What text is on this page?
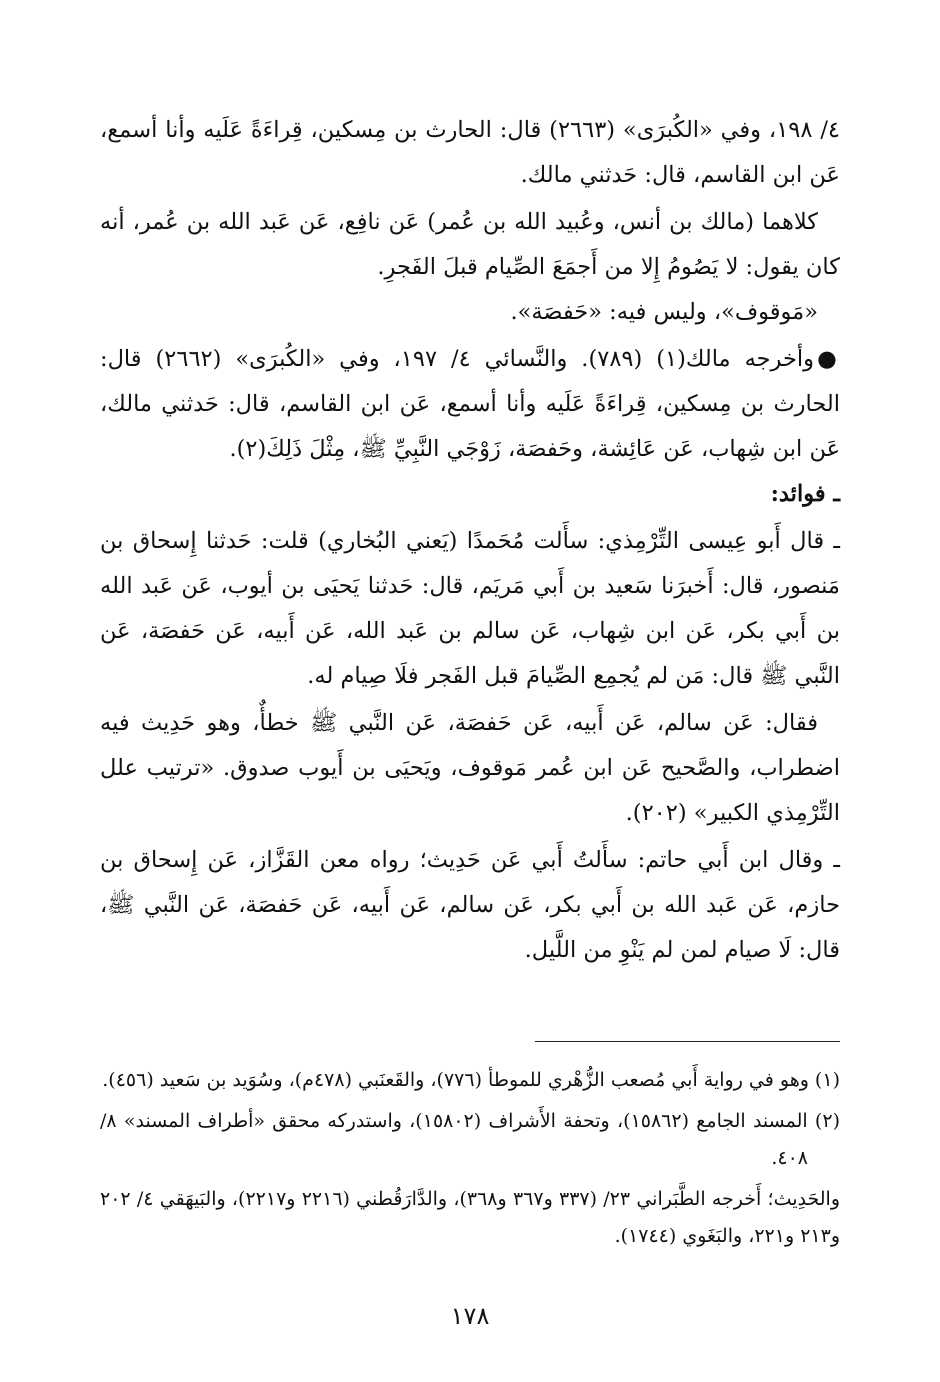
٤/ ١٩٨، وفي «الكُبرَى» (٢٦٦٣) قال: الحارث بن مِسكين، قِراءَةً عَلَيه وأنا أسمع، عَن ابن القاسم، قال: حَدثني مالك.

كلاهما (مالك بن أنس، وعُبيد الله بن عُمر) عَن نافِع، عَن عَبد الله بن عُمر، أنه كان يقول: لا يَصُومُ إِلا من أَجمَعَ الصِّيام قبلَ الفَجرِ.

«مَوقوف»، وليس فيه: «حَفصَة».

●وأخرجه مالك(١) (٧٨٩). والنَّسائي ٤/ ١٩٧، وفي «الكُبرَى» (٢٦٦٢) قال: الحارث بن مِسكين، قِراءَةً عَلَيه وأنا أسمع، عَن ابن القاسم، قال: حَدثني مالك، عَن ابن شِهاب، عَن عَائِشة، وحَفصَة، زَوْجَي النَّبِيِّ ﷺ، مِثْلَ ذَلِكَ(٢).

ـ فوائد:

ـ قال أَبو عِيسى التِّرْمِذي: سأَلت مُحَمدًا (يَعني البُخاري) قلت: حَدثنا إِسحاق بن مَنصور، قال: أَخبرَنا سَعيد بن أَبي مَريَم، قال: حَدثنا يَحيَى بن أيوب، عَن عَبد الله بن أَبي بكر، عَن ابن شِهاب، عَن سالم بن عَبد الله، عَن أَبيه، عَن حَفصَة، عَن النَّبي ﷺ قال: مَن لم يُجمِع الصِّيامَ قبل الفَجر فلَا صِيام له.

فقال: عَن سالم، عَن أَبيه، عَن حَفصَة، عَن النَّبي ﷺ خطأٌ، وهو حَدِيث فيه اضطراب، والصَّحيح عَن ابن عُمر مَوقوف، ويَحيَى بن أَيوب صدوق. «ترتيب علل التِّرْمِذي الكبير» (٢٠٢).

ـ وقال ابن أَبي حاتم: سأَلتُ أَبي عَن حَدِيث؛ رواه معن القَزَّاز، عَن إِسحاق بن حازم، عَن عَبد الله بن أَبي بكر، عَن سالم، عَن أَبيه، عَن حَفصَة، عَن النَّبي ﷺ، قال: لَا صيام لمن لم يَنْوِ من اللَّيل.

(١) وهو في رواية أَبي مُصعب الزُّهْري للموطأ (٧٧٦)، والقَعنَبي (٤٧٨م)، وسُوَيد بن سَعيد (٤٥٦).

(٢) المسند الجامع (١٥٨٦٢)، وتحفة الأَشراف (١٥٨٠٢)، واستدركه محقق «أطراف المسند» ٨/ ٤٠٨.

والحَدِيث؛ أَخرجه الطَّبَراني ٢٣/ (٣٣٧ و٣٦٧ و٣٦٨)، والدَّارَقُطني (٢٢١٦ و٢٢١٧)، والبَيهَقي ٤/ ٢٠٢ و٢١٣ و٢٢١، والبَغَوي (١٧٤٤).

١٧٨
